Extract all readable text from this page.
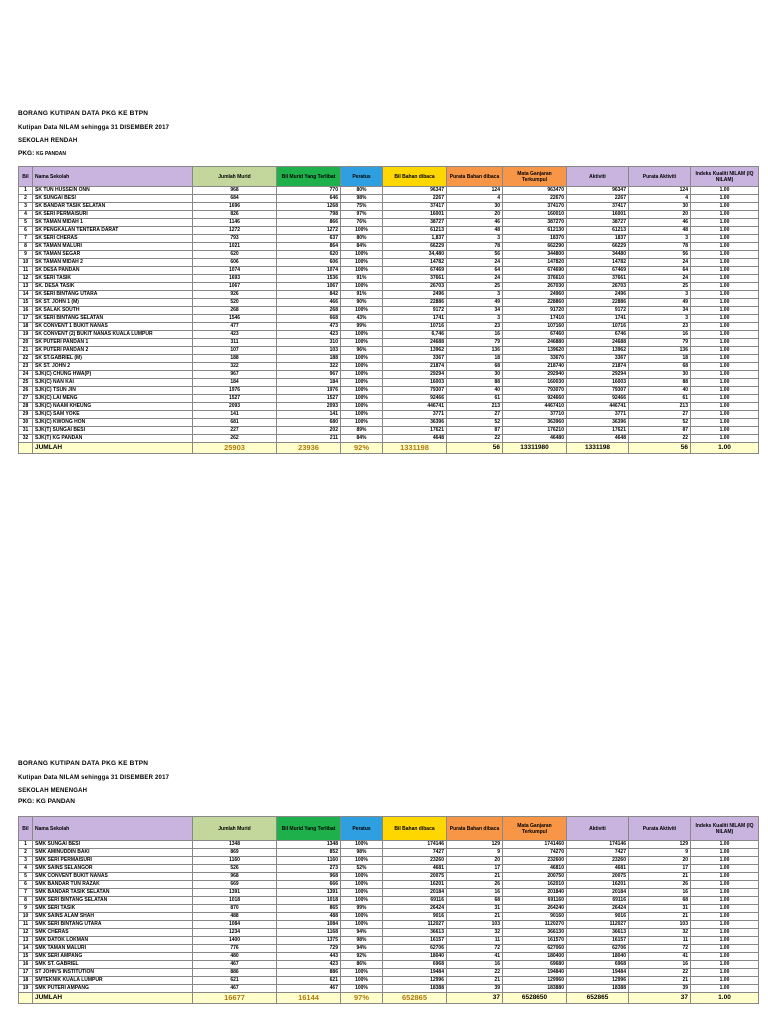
BORANG KUTIPAN DATA PKG KE BTPN
Kutipan Data NILAM sehingga 31 DISEMBER 2017
SEKOLAH RENDAH
PKG: KG PANDAN
Bil	Nama Sekolah	Jumlah Murid	Bil Murid Yang Terlibat	Peratus	Bil Bahan dibaca	Purata Bahan dibaca	Mata Ganjaran Terkumpul	Aktiviti	Purata Aktiviti	Indeks Kualiti NILAM (IQ NILAM)
1	SK TUN HUSSEIN ONN	968	770	80%	96347	124	963470	96347	124	1.00
2	SK SUNGAI BESI	684	646	98%	2267	4	22670	2267	4	1.00
3	SK BANDAR TASIK SELATAN	1696	1268	75%	37417	30	374170	37417	30	1.00
4	SK SERI PERMAISURI	826	798	97%	16001	20	160010	16001	20	1.00
5	SK TAMAN MIDAH 1	1146	866	76%	38727	46	387270	38727	46	1.00
6	SK PENGKALAN TENTERA DARAT	1272	1272	100%	61213	48	612130	61213	48	1.00
7	SK SERI CHERAS	793	637	80%	1,837	3	18370	1837	3	1.00
8	SK TAMAN MALURI	1021	864	84%	66229	78	662290	66229	78	1.00
9	SK TAMAN SEGAR	620	620	100%	34,480	56	344800	34480	56	1.00
10	SK TAMAN MIDAH 2	606	606	100%	14782	24	147820	14782	24	1.00
11	SK DESA PANDAN	1074	1074	100%	67469	64	674690	67469	64	1.00
12	SK SERI TASIK	1693	1536	91%	37661	24	376610	37661	24	1.00
13	SK. DESA TASIK	1067	1067	100%	26703	25	267030	26703	25	1.00
14	SK SERI BINTANG UTARA	926	842	91%	2496	3	24960	2496	3	1.00
15	SK ST. JOHN 1 (M)	520	466	90%	22886	49	228860	22886	49	1.00
16	SK SALAK SOUTH	268	268	100%	9172	34	91720	9172	34	1.00
17	SK SERI BINTANG SELATAN	1546	668	43%	1741	3	17410	1741	3	1.00
18	SK CONVENT 1 BUKIT NANAS	477	473	99%	10716	23	107160	10716	23	1.00
19	SK CONVENT (2) BUKIT NANAS KUALA LUMPUR	423	423	100%	6,746	16	67460	6746	16	1.00
20	SK PUTERI PANDAN 1	311	310	100%	24688	79	246880	24688	79	1.00
21	SK PUTERI PANDAN 2	107	103	96%	13962	136	139620	13962	136	1.00
22	SK ST.GABRIEL (M)	188	188	100%	3367	18	33670	3367	18	1.00
23	SK ST. JOHN 2	322	322	100%	21874	68	218740	21874	68	1.00
24	SJK(C) CHUNG HWA(P)	967	967	100%	29294	30	292940	29294	30	1.00
25	SJK(C) NAN KAI	184	184	100%	16003	88	160030	16003	88	1.00
26	SJK(C) TSUN JIN	1976	1976	100%	79307	40	793070	79307	40	1.00
27	SJK(C) LAI MENG	1527	1527	100%	92466	61	924660	92466	61	1.00
28	SJK(C) NAAM KHEUNG	2093	2093	100%	446741	213	4467410	446741	213	1.00
29	SJK(C) SAM YOKE	141	141	100%	3771	27	37710	3771	27	1.00
30	SJK(C) KWONG HON	681	680	100%	36396	52	363960	36396	52	1.00
31	SJK(T) SUNGAI BESI	227	202	89%	17621	87	176210	17621	87	1.00
32	SJK(T) KG PANDAN	262	211	84%	4648	22	46480	4648	22	1.00
	JUMLAH	25903	23936	92%	1331198	56	13311980	1331198	56	1.00
BORANG KUTIPAN DATA PKG KE BTPN
Kutipan Data NILAM sehingga 31 DISEMBER 2017
SEKOLAH MENENGAH
PKG: KG PANDAN
Bil	Nama Sekolah	Jumlah Murid	Bil Murid Yang Terlibat	Peratus	Bil Bahan dibaca	Purata Bahan dibaca	Mata Ganjaran Terkumpul	Aktiviti	Purata Aktiviti	Indeks Kualiti NILAM (IQ NILAM)
1	SMK SUNGAI BESI	1348	1348	100%	174146	129	1741460	174146	129	1.00
2	SMK AMINUDDIN BAKI	869	852	98%	7427	9	74270	7427	9	1.00
3	SMK SERI PERMAISURI	1160	1160	100%	23260	20	232600	23260	20	1.00
4	SMK SAINS SELANGOR	526	273	52%	4681	17	46810	4681	17	1.00
5	SMK CONVENT BUKIT NANAS	968	968	100%	20075	21	200750	20075	21	1.00
6	SMK BANDAR TUN RAZAK	669	666	100%	16201	26	162010	16201	26	1.00
7	SMK BANDAR TASIK SELATAN	1391	1391	100%	20184	16	201840	20184	16	1.00
8	SMK SERI BINTANG SELATAN	1018	1018	100%	69116	68	691160	69116	68	1.00
9	SMK SERI TASIK	870	865	99%	26424	31	264240	26424	31	1.00
10	SMK SAINS ALAM SHAH	488	488	100%	9016	21	90160	9016	21	1.00
11	SMK SERI BINTANG UTARA	1084	1084	100%	112027	103	1120270	112027	103	1.00
12	SMK CHERAS	1234	1168	94%	36613	32	366130	36613	32	1.00
13	SMK DATOK LOKMAN	1400	1375	98%	16157	11	161570	16157	11	1.00
14	SMK TAMAN MALURI	776	729	94%	62706	72	627060	62706	72	1.00
15	SMK SERI AMPANG	480	443	92%	18040	41	180400	18040	41	1.00
16	SMK ST. GABRIEL	467	423	86%	6968	16	69680	6968	16	1.00
17	ST JOHN'S INSTITUTION	886	886	100%	19484	22	194840	19484	22	1.00
18	SMTEKNIK KUALA LUMPUR	621	621	100%	12996	21	129960	12996	21	1.00
19	SMK PUTERI AMPANG	467	467	100%	18388	39	183880	18388	39	1.00
	JUMLAH	16677	16144	97%	652865	37	6528650	652865	37	1.00
